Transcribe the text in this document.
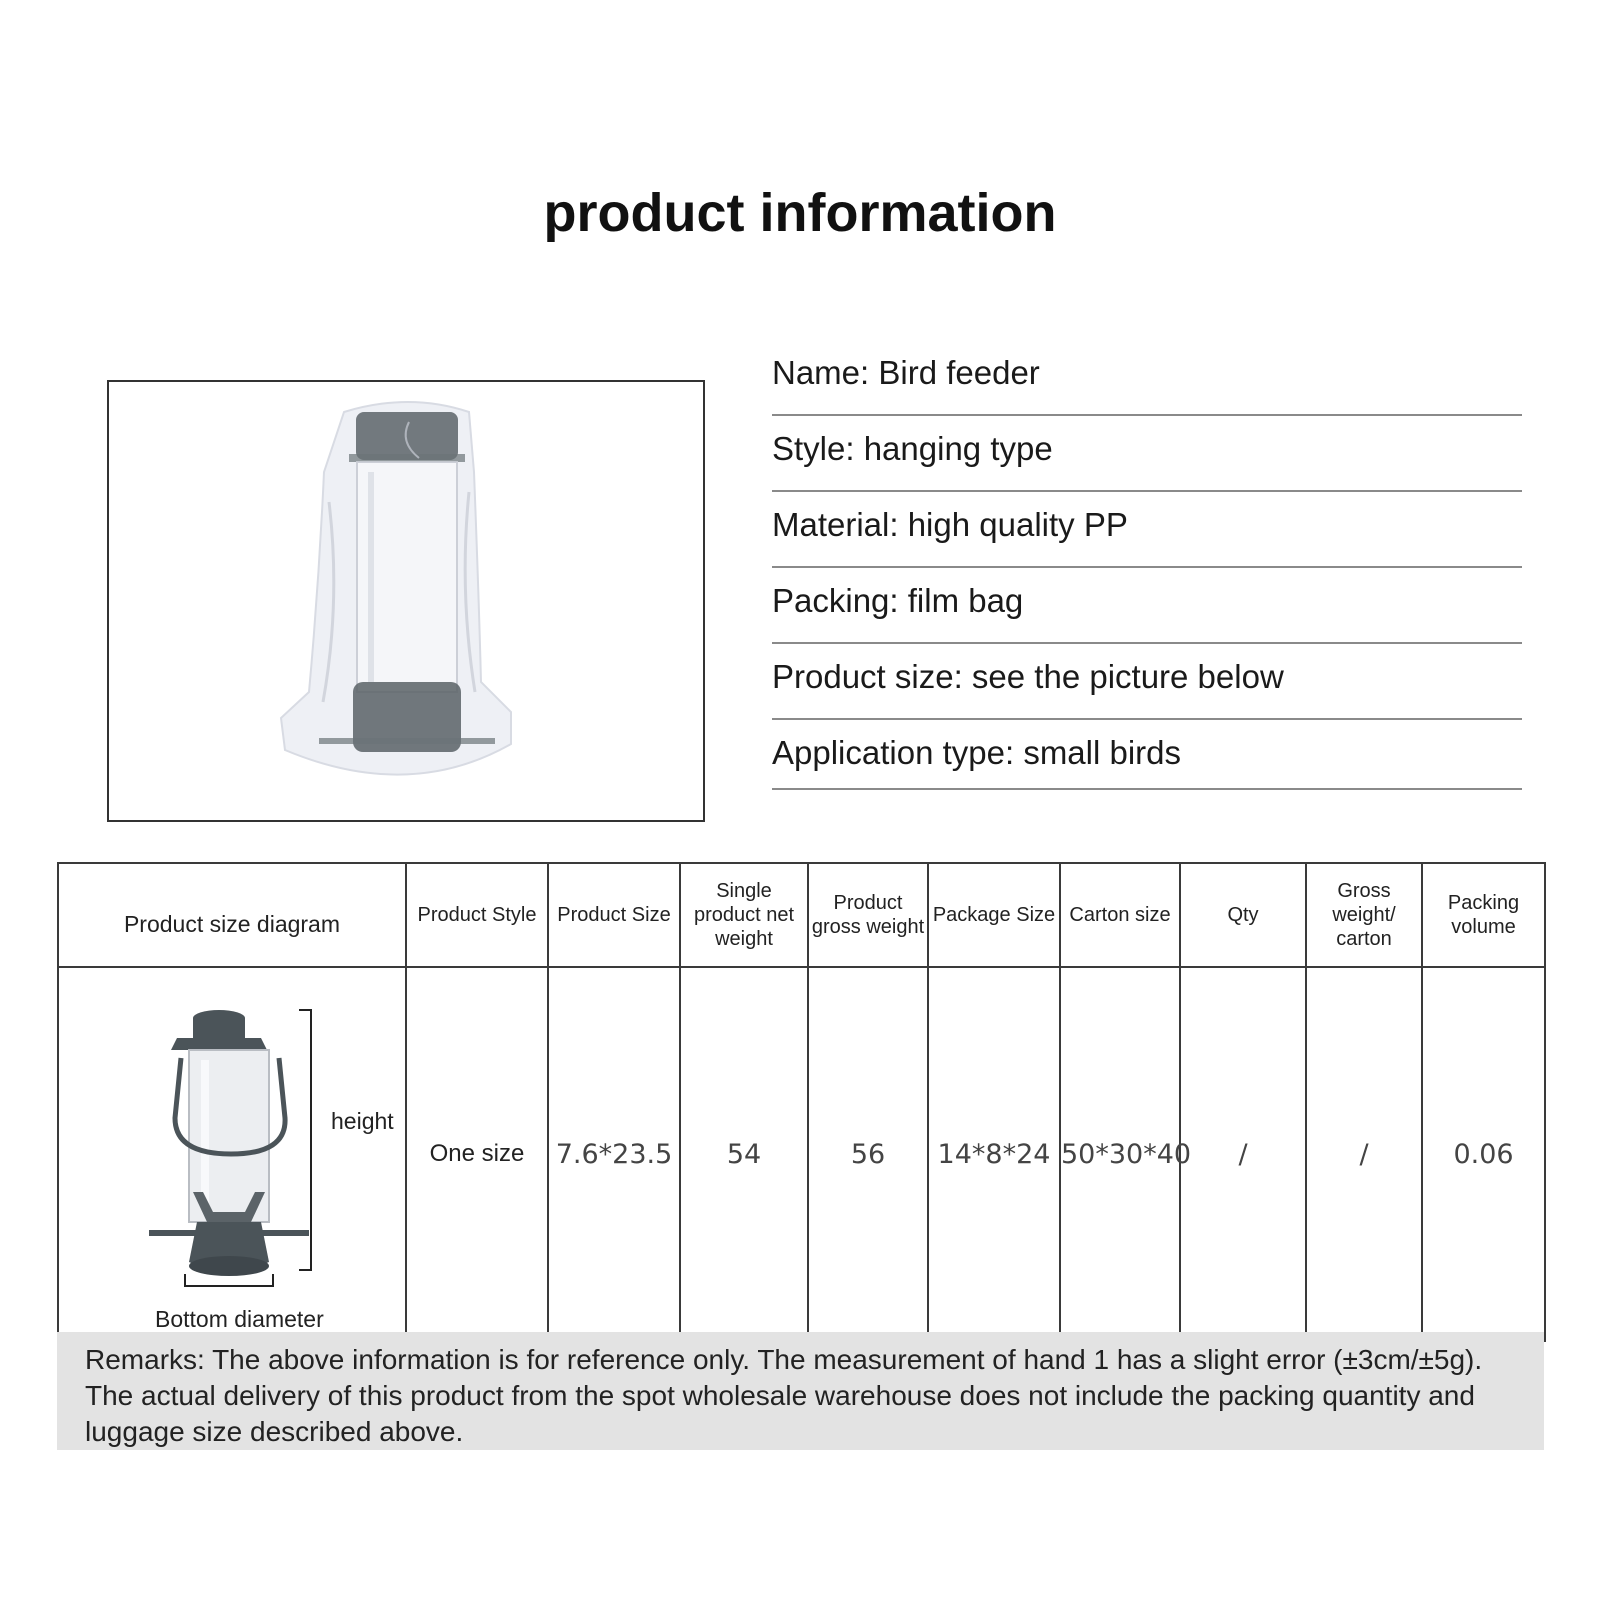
product information
Name: Bird feeder
Style: hanging type
Material: high quality PP
Packing: film bag
Product size: see the picture below
Application type: small birds
Product size diagram	Product Style	Product Size	Single product net weight	Product gross weight	Package Size	Carton size	Qty	Gross weight/ carton	Packing volume

height
Bottom diameter	One size	7.6*23.5	54	56	14*8*24	50*30*40	/	/	0.06
Remarks: The above information is for reference only. The measurement of hand 1 has a slight error (±3cm/±5g). The actual delivery of this product from the spot wholesale warehouse does not include the packing quantity and luggage size described above.
